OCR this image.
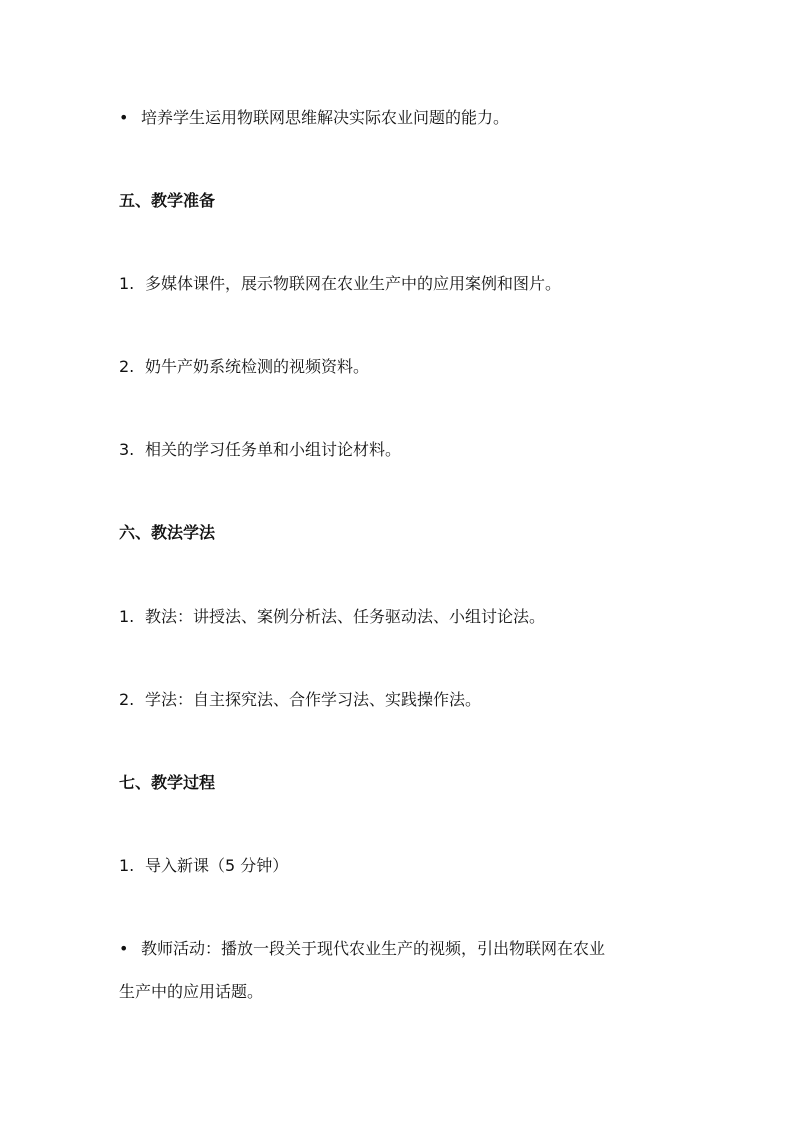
• 培养学生运用物联网思维解决实际农业问题的能力。
五、教学准备
1. 多媒体课件，展示物联网在农业生产中的应用案例和图片。
2. 奶牛产奶系统检测的视频资料。
3. 相关的学习任务单和小组讨论材料。
六、教法学法
1. 教法：讲授法、案例分析法、任务驱动法、小组讨论法。
2. 学法：自主探究法、合作学习法、实践操作法。
七、教学过程
1. 导入新课（5 分钟）
• 教师活动：播放一段关于现代农业生产的视频，引出物联网在农业
生产中的应用话题。
